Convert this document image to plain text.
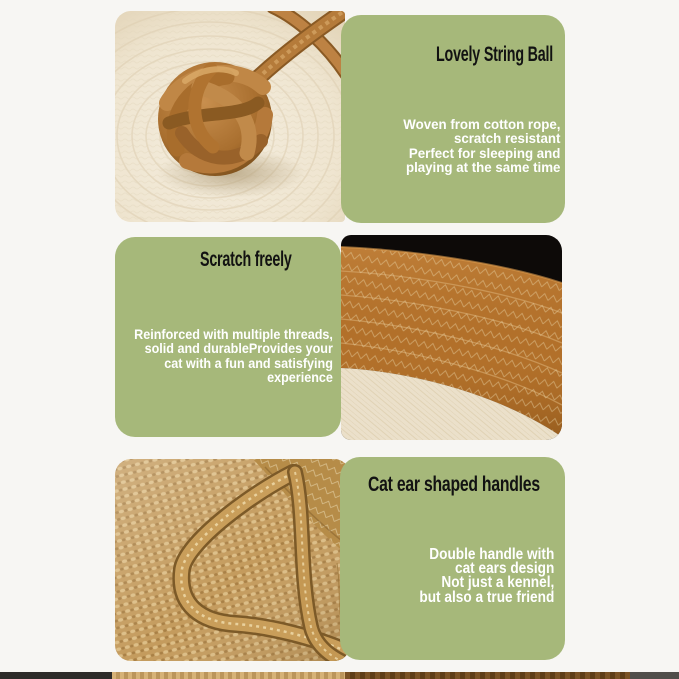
Lovely String Ball
Woven from cotton rope,
scratch resistant
Perfect for sleeping and
playing at the same time
Scratch freely
Reinforced with multiple threads,
solid and durableProvides your
cat with a fun and satisfying
experience
Cat ear shaped handles
Double handle with
cat ears design
Not just a kennel,
but also a true friend
